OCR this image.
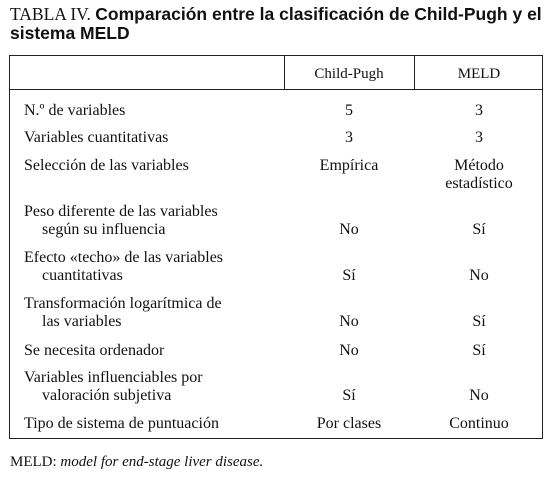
TABLA IV. Comparación entre la clasificación de Child-Pugh y el sistema MELD
Child-Pugh	MELD
N.º de variables	5	3
Variables cuantitativas	3	3
Selección de las variables	Empírica	Método
estadístico
Peso diferente de las variables
según su influencia	No	Sí
Efecto «techo» de las variables
cuantitativas	Sí	No
Transformación logarítmica de
las variables	No	Sí
Se necesita ordenador	No	Sí
Variables influenciables por
valoración subjetiva	Sí	No
Tipo de sistema de puntuación	Por clases	Continuo
MELD: model for end-stage liver disease.
